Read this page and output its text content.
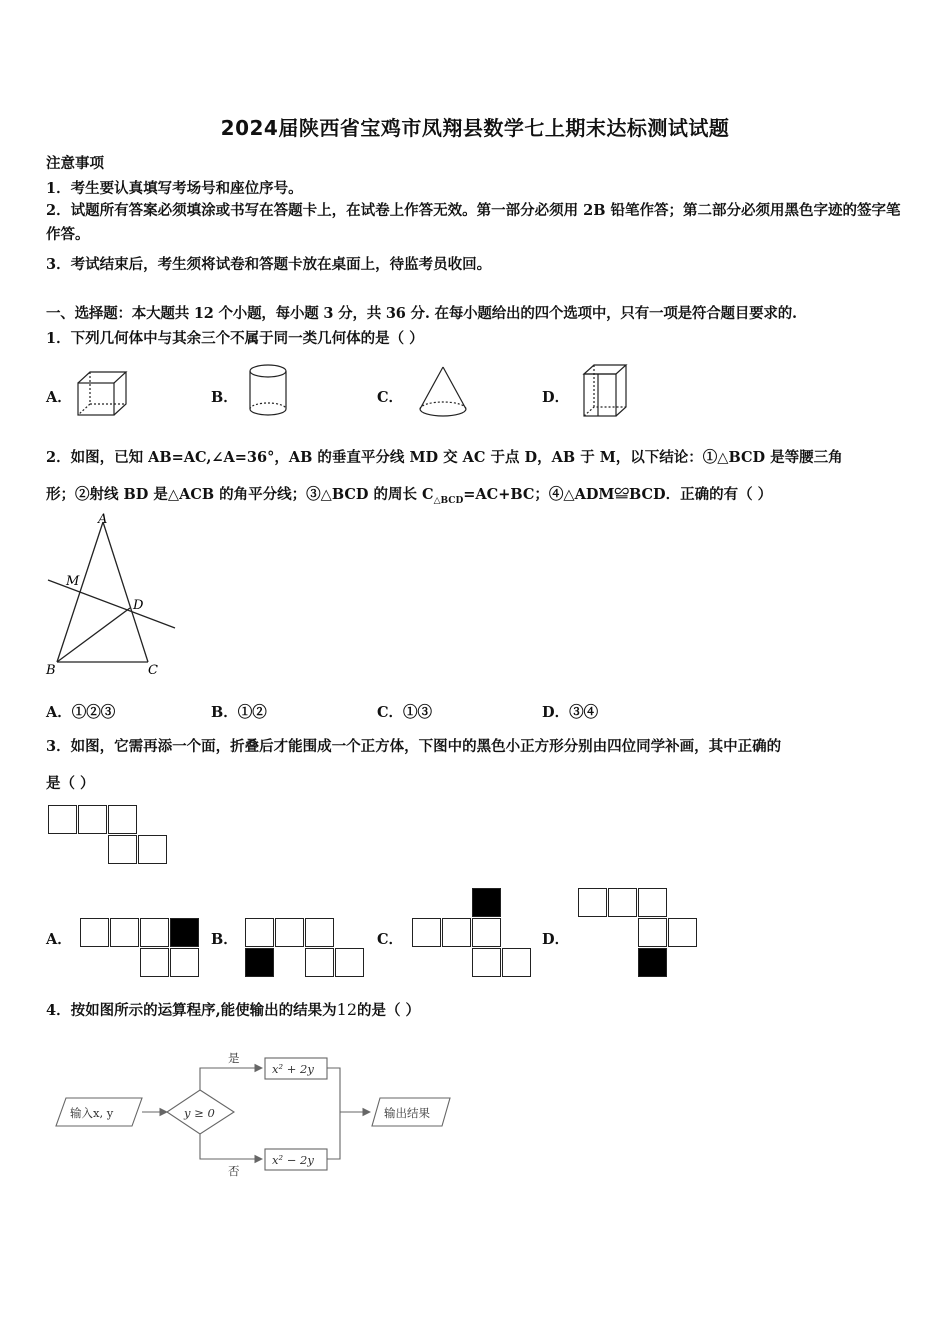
2024届陕西省宝鸡市凤翔县数学七上期末达标测试试题
注意事项
1．考生要认真填写考场号和座位序号。
2．试题所有答案必须填涂或书写在答题卡上，在试卷上作答无效。第一部分必须用 2B 铅笔作答；第二部分必须用黑色字迹的签字笔作答。
3．考试结束后，考生须将试卷和答题卡放在桌面上，待监考员收回。
一、选择题：本大题共 12 个小题，每小题 3 分，共 36 分. 在每小题给出的四个选项中，只有一项是符合题目要求的.
1．下列几何体中与其余三个不属于同一类几何体的是（ ）
A．	B．	C．	D．
2．如图，已知 AB=AC,∠A=36°，AB 的垂直平分线 MD 交 AC 于点 D，AB 于 M，以下结论：①△BCD 是等腰三角
形；②射线 BD 是△ACB 的角平分线；③△BCD 的周长 $C_{\triangle BCD}=AC+BC$；④△ADM≌BCD．正确的有（ ）
A
M
D
B	C
A．①②③	B．①②	C．①③	D．③④
3．如图，它需再添一个面，折叠后才能围成一个正方体，下图中的黑色小正方形分别由四位同学补画，其中正确的
是（ ）
A．	B．	C．	D．
4．按如图所示的运算程序,能使输出的结果为12的是（ ）
输入x, y	y ≥ 0
是
否
x² + 2y
x² − 2y
输出结果
